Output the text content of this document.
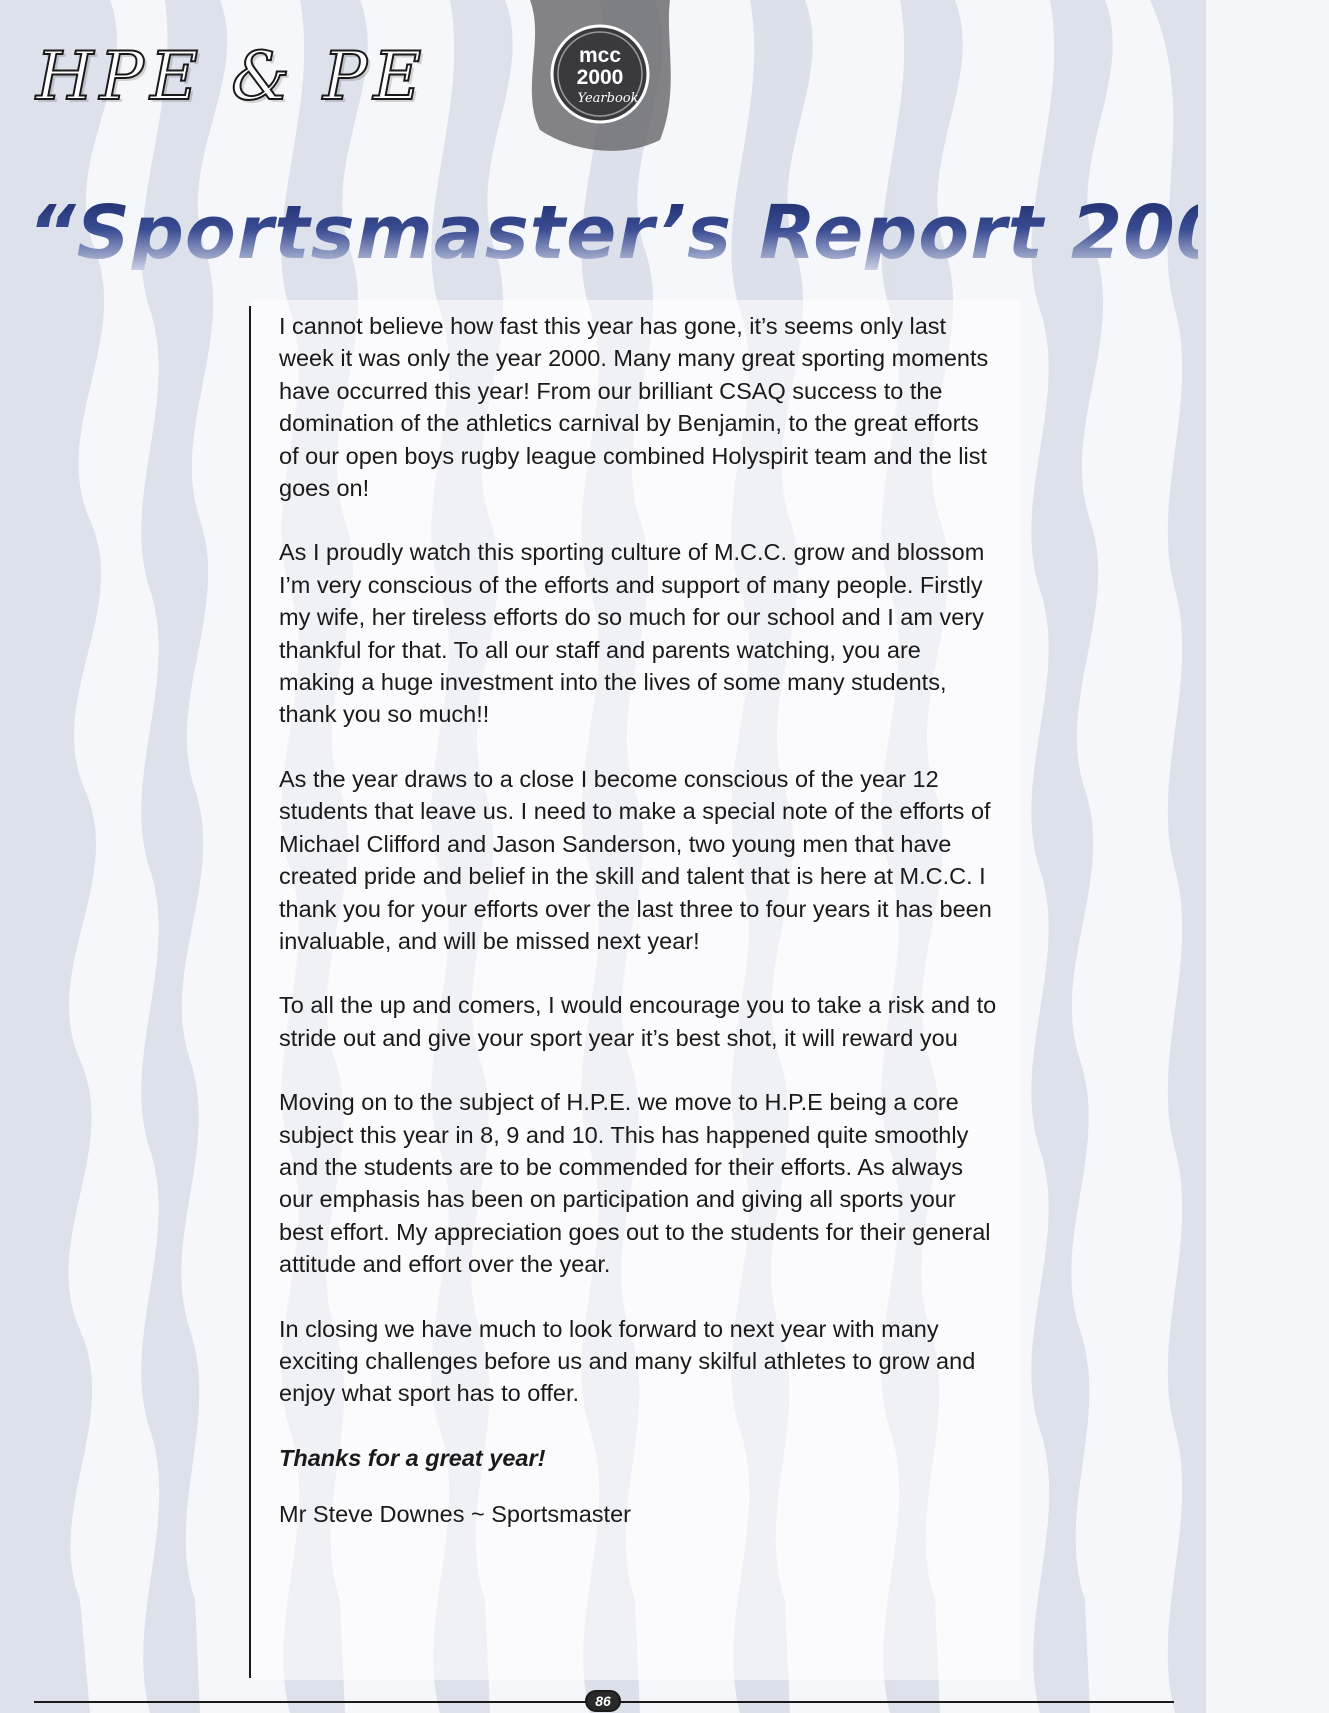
HPE & PE	mcc
2000
Yearbook
“Sportsmaster’s Report 2000”

I cannot believe how fast this year has gone, it’s seems only last week it was only the year 2000. Many many great sporting moments have occurred this year! From our brilliant CSAQ success to the domination of the athletics carnival by Benjamin, to the great efforts of our open boys rugby league combined Holyspirit team and the list goes on!

As I proudly watch this sporting culture of M.C.C. grow and blossom I’m very conscious of the efforts and support of many people. Firstly my wife, her tireless efforts do so much for our school and I am very thankful for that. To all our staff and parents watching, you are making a huge investment into the lives of some many students, thank you so much!!

As the year draws to a close I become conscious of the year 12 students that leave us. I need to make a special note of the efforts of Michael Clifford and Jason Sanderson, two young men that have created pride and belief in the skill and talent that is here at M.C.C. I thank you for your efforts over the last three to four years it has been invaluable, and will be missed next year!

To all the up and comers, I would encourage you to take a risk and to stride out and give your sport year it’s best shot, it will reward you

Moving on to the subject of H.P.E. we move to H.P.E being a core subject this year in 8, 9 and 10. This has happened quite smoothly and the students are to be commended for their efforts. As always our emphasis has been on participation and giving all sports your best effort. My appreciation goes out to the students for their general attitude and effort over the year.

In closing we have much to look forward to next year with many exciting challenges before us and many skilful athletes to grow and enjoy what sport has to offer.

Thanks for a great year!

Mr Steve Downes ~ Sportsmaster

86
